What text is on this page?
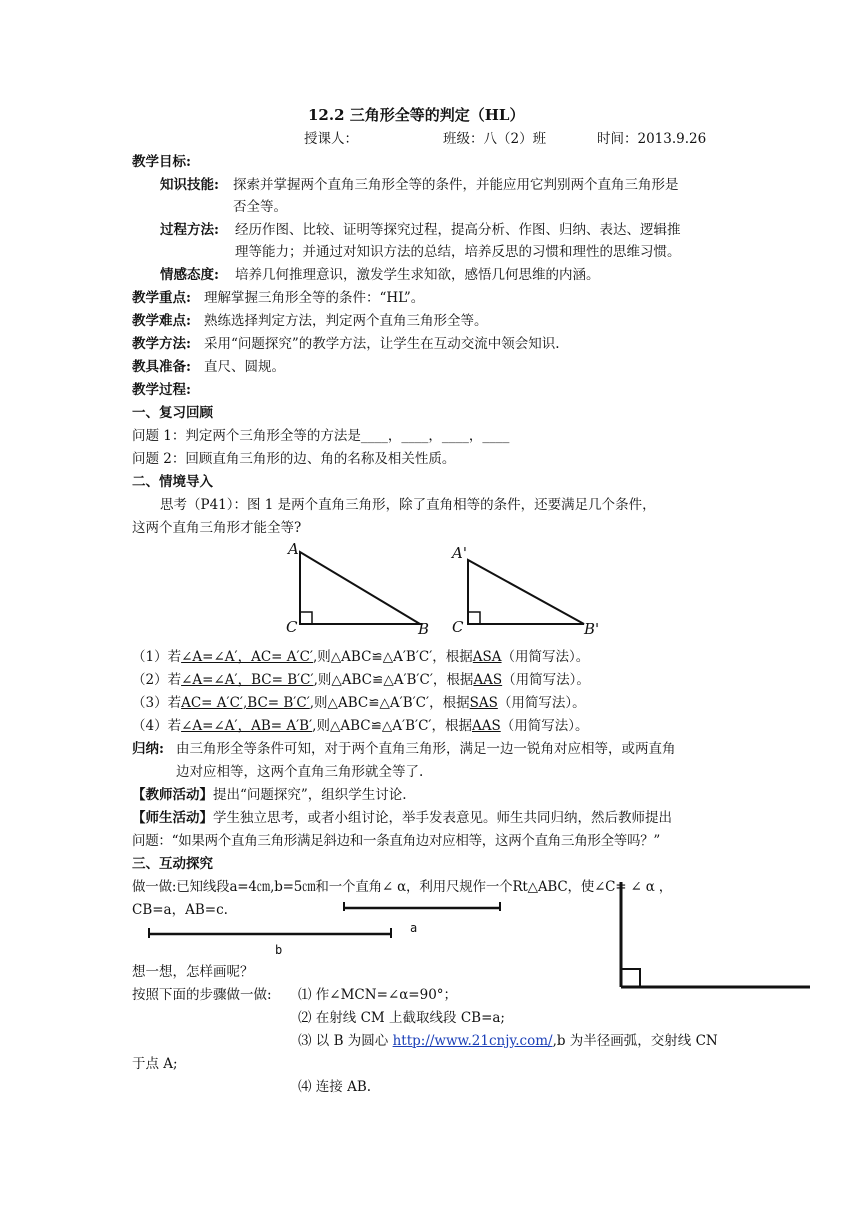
12.2 三角形全等的判定（HL）
授课人：	班级：八（2）班	时间：2013.9.26
教学目标:
知识技能: 探索并掌握两个直角三角形全等的条件，并能应用它判别两个直角三角形是
否全等。
过程方法: 经历作图、比较、证明等探究过程，提高分析、作图、归纳、表达、逻辑推
理等能力；并通过对知识方法的总结，培养反思的习惯和理性的思维习惯。
情感态度: 培养几何推理意识，激发学生求知欲，感悟几何思维的内涵。
教学重点: 理解掌握三角形全等的条件：“HL”。
教学难点: 熟练选择判定方法，判定两个直角三角形全等。
教学方法: 采用“问题探究”的教学方法，让学生在互动交流中领会知识.
教具准备: 直尺、圆规。
教学过程:
一、复习回顾
问题 1：判定两个三角形全等的方法是____，____，____，____
问题 2：回顾直角三角形的边、角的名称及相关性质。
二、情境导入
思考（P41）：图 1 是两个直角三角形，除了直角相等的条件，还要满足几个条件，
这两个直角三角形才能全等?
A
C	B
A'
C	B'
（1）若∠A=∠A′，AC= A′C′,则△ABC≌△A′B′C′，根据ASA（用简写法）。
（2）若∠A=∠A′，BC= B′C′,则△ABC≌△A′B′C′，根据AAS（用简写法）。
（3）若AC= A′C′,BC= B′C′,则△ABC≌△A′B′C′，根据SAS（用简写法）。
（4）若∠A=∠A′，AB= A′B′,则△ABC≌△A′B′C′，根据AAS（用简写法）。
归纳: 由三角形全等条件可知，对于两个直角三角形，满足一边一锐角对应相等，或两直角
边对应相等，这两个直角三角形就全等了.
【教师活动】提出“问题探究”，组织学生讨论.
【师生活动】学生独立思考，或者小组讨论，举手发表意见。师生共同归纳，然后教师提出
问题：“如果两个直角三角形满足斜边和一条直角边对应相等，这两个直角三角形全等吗？”
三、互动探究
做一做:已知线段a=4㎝,b=5㎝和一个直角∠ α，利用尺规作一个Rt△ABC，使∠C= ∠ α ，
CB=a，AB=c.
a
b
想一想，怎样画呢？
按照下面的步骤做一做: ⑴ 作∠MCN=∠α=90°；
⑵ 在射线 CM 上截取线段 CB=a;
⑶ 以 B 为圆心 http://www.21cnjy.com/,b 为半径画弧，交射线 CN
于点 A;
⑷ 连接 AB.
